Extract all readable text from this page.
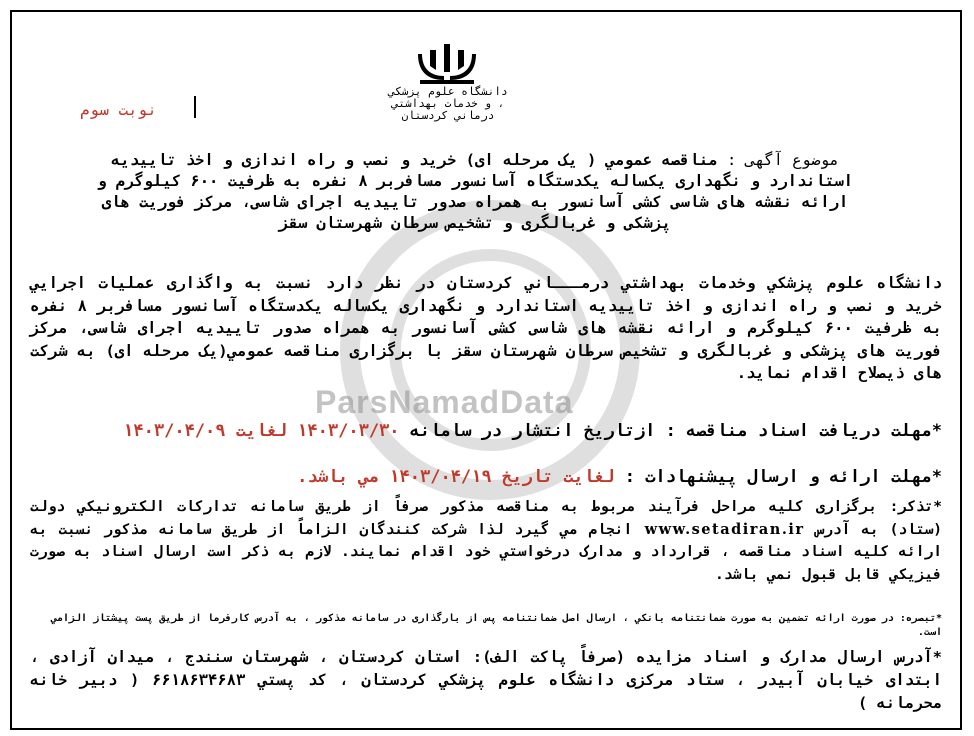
ParsNamadData
دانشگاه علوم پزشکي
و خدمات بهداشتي ،
درماني کردستان
نوبت سوم
موضوع آگهی : مناقصه عمومي ( يک مرحله ای) خريد و نصب و راه اندازی و اخذ تاييديه استاندارد و نگهداری يکساله يکدستگاه آسانسور مسافربر ۸ نفره به ظرفيت ۶۰۰ کيلوگرم و ارائه نقشه های شاسی کشی آسانسور به همراه صدور تاييديه اجرای شاسی، مرکز فوريت های پزشکی و غربالگری و تشخيص سرطان شهرستان سقز
دانشگاه علوم پزشکي وخدمات بهداشتي درمـــاني کردستان در نظر دارد نسبت به واگذاری عمليات اجرايي خريد و نصب و راه اندازی و اخذ تاييديه استاندارد و نگهداری يکساله يکدستگاه آسانسور مسافربر ۸ نفره به ظرفيت ۶۰۰ کيلوگرم و ارائه نقشه های شاسی کشی آسانسور به همراه صدور تاييديه اجرای شاسی، مرکز فوريت های پزشکی و غربالگری و تشخيص سرطان شهرستان سقز با برگزاری مناقصه عمومي(يک مرحله ای) به شرکت های ذيصلاح اقدام نمايد.
*مهلت دريافت اسناد مناقصه : ازتاريخ انتشار در سامانه ۱۴۰۳/۰۳/۳۰ لغايت ۱۴۰۳/۰۴/۰۹
*مهلت ارائه و ارسال پيشنهادات : لغايت تاريخ ۱۴۰۳/۰۴/۱۹ مي باشد.
*تذکر: برگزاری کليه مراحل فرآيند مربوط به مناقصه مذکور صرفاً از طريق سامانه تدارکات الکترونيکي دولت (ستاد) به آدرس www.setadiran.ir انجام مي گيرد لذا شرکت کنندگان الزاماً از طريق سامانه مذکور نسبت به ارائه کليه اسناد مناقصه ، قرارداد و مدارک درخواستي خود اقدام نمايند. لازم به ذکر است ارسال اسناد به صورت فيزيکي قابل قبول نمي باشد.
*تبصره: در صورت ارائه تضمين به صورت ضمانتنامه بانکي ، ارسال اصل ضمانتنامه پس از بارگذاری در سامانه مذکور ، به آدرس کارفرما از طريق پست پيشتاز الزامي است.
*آدرس ارسال مدارک و اسناد مزايده (صرفاً پاکت الف): استان کردستان ، شهرستان سنندج ، ميدان آزادی ، ابتدای خيابان آبيدر ، ستاد مرکزی دانشگاه علوم پزشکي کردستان ، کد پستي ۶۶۱۸۶۳۴۶۸۳ ( دبير خانه محرمانه )
